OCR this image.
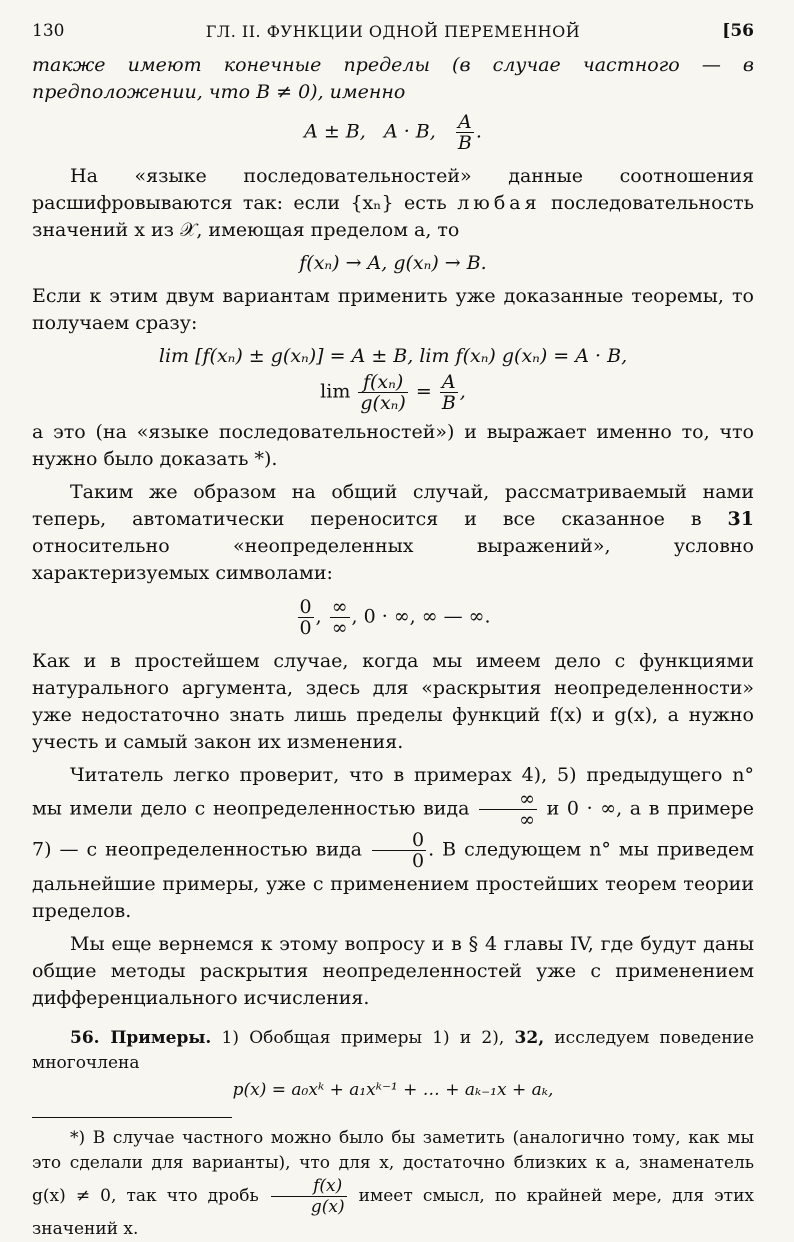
130	ГЛ. II. ФУНКЦИИ ОДНОЙ ПЕРЕМЕННОЙ	[56

также имеют конечные пределы (в случае частного — в предположении, что B ≠ 0), именно

A ± B, A · B, $\frac{A}{B}$ .

На «языке последовательностей» данные соотношения расшифровываются так: если {xₙ} есть любая последовательность значений x из 𝒳, имеющая пределом a, то

f(xₙ) → A, g(xₙ) → B.

Если к этим двум вариантам применить уже доказанные теоремы, то получаем сразу:

lim [f(xₙ) ± g(xₙ)] = A ± B, lim f(xₙ) g(xₙ) = A · B,
$\lim \frac{\text{f(xₙ)}}{\text{g(xₙ)}} = \frac{A}{B}$ ,

а это (на «языке последовательностей») и выражает именно то, что нужно было доказать *).

Таким же образом на общий случай, рассматриваемый нами теперь, автоматически переносится и все сказанное в 31 относительно «неопределенных выражений», условно характеризуемых символами:

$\frac{0}{0}$ , $\frac{\infty}{\infty}$ , 0 · ∞, ∞ — ∞.

Как и в простейшем случае, когда мы имеем дело с функциями натурального аргумента, здесь для «раскрытия неопределенности» уже недостаточно знать лишь пределы функций f(x) и g(x), а нужно учесть и самый закон их изменения.

Читатель легко проверит, что в примерах 4), 5) предыдущего n° мы имели дело с неопределенностью вида $\frac{\infty}{\infty}$ и 0 · ∞, а в примере 7) — с неопределенностью вида $\frac{0}{0}$ . В следующем n° мы приведем дальнейшие примеры, уже с применением простейших теорем теории пределов.

Мы еще вернемся к этому вопросу и в § 4 главы IV, где будут даны общие методы раскрытия неопределенностей уже с применением дифференциального исчисления.

56. Примеры. 1) Обобщая примеры 1) и 2), 32, исследуем поведение многочлена

p(x) = a₀xᵏ + a₁xᵏ⁻¹ + … + aₖ₋₁x + aₖ,

*) В случае частного можно было бы заметить (аналогично тому, как мы это сделали для варианты), что для x, достаточно близких к a, знаменатель g(x) ≠ 0, так что дробь $\frac{f(x)}{g(x)}$ имеет смысл, по крайней мере, для этих значений x.
